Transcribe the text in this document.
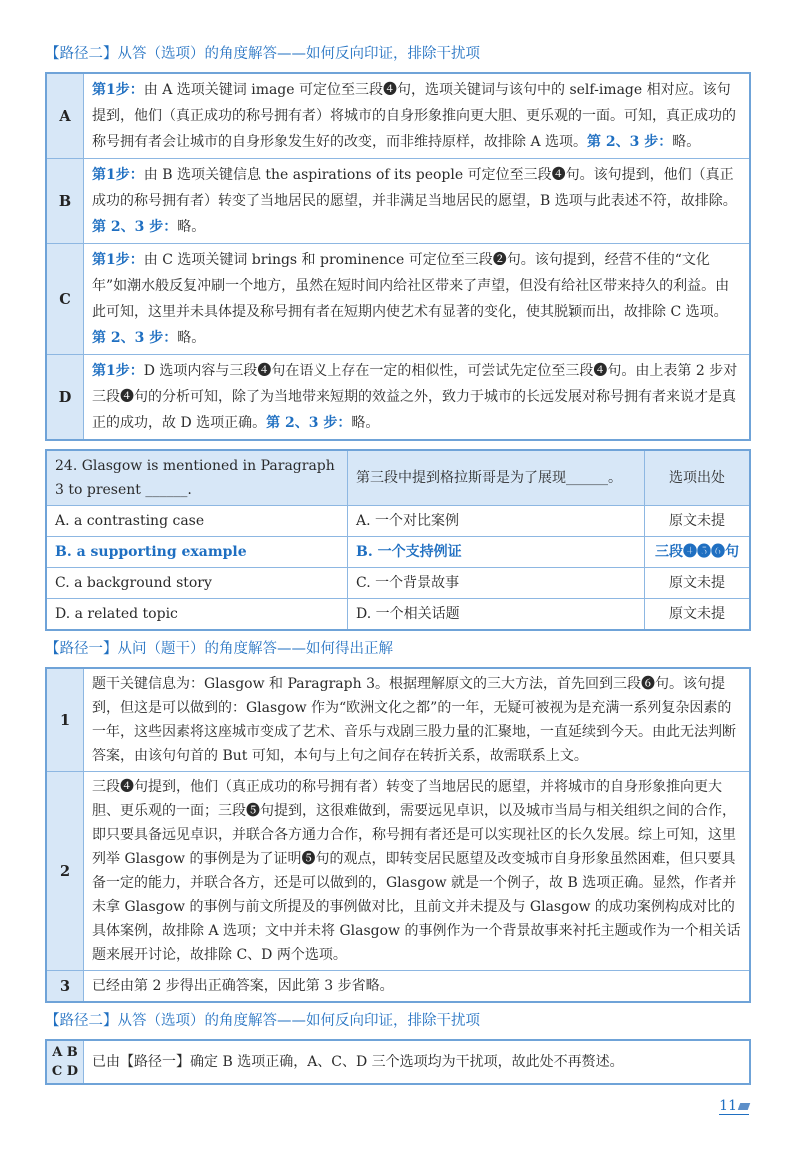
【路径二】从答（选项）的角度解答——如何反向印证，排除干扰项
A	第1步：由 A 选项关键词 image 可定位至三段❹句，选项关键词与该句中的 self-image 相对应。该句提到，他们（真正成功的称号拥有者）将城市的自身形象推向更大胆、更乐观的一面。可知，真正成功的称号拥有者会让城市的自身形象发生好的改变，而非维持原样，故排除 A 选项。第 2、3 步：略。
B	第1步：由 B 选项关键信息 the aspirations of its people 可定位至三段❹句。该句提到，他们（真正成功的称号拥有者）转变了当地居民的愿望，并非满足当地居民的愿望，B 选项与此表述不符，故排除。第 2、3 步：略。
C	第1步：由 C 选项关键词 brings 和 prominence 可定位至三段❷句。该句提到，经营不佳的“文化年”如潮水般反复冲刷一个地方，虽然在短时间内给社区带来了声望，但没有给社区带来持久的利益。由此可知，这里并未具体提及称号拥有者在短期内使艺术有显著的变化，使其脱颖而出，故排除 C 选项。第 2、3 步：略。
D	第1步：D 选项内容与三段❹句在语义上存在一定的相似性，可尝试先定位至三段❹句。由上表第 2 步对三段❹句的分析可知，除了为当地带来短期的效益之外，致力于城市的长远发展对称号拥有者来说才是真正的成功，故 D 选项正确。第 2、3 步：略。
24. Glasgow is mentioned in Paragraph 3 to present ______.	第三段中提到格拉斯哥是为了展现______。	选项出处
A. a contrasting case	A. 一个对比案例	原文未提
B. a supporting example	B. 一个支持例证	三段❹❺❻句
C. a background story	C. 一个背景故事	原文未提
D. a related topic	D. 一个相关话题	原文未提
【路径一】从问（题干）的角度解答——如何得出正解
1	题干关键信息为：Glasgow 和 Paragraph 3。根据理解原文的三大方法，首先回到三段❻句。该句提到，但这是可以做到的：Glasgow 作为“欧洲文化之都”的一年，无疑可被视为是充满一系列复杂因素的一年，这些因素将这座城市变成了艺术、音乐与戏剧三股力量的汇聚地，一直延续到今天。由此无法判断答案，由该句句首的 But 可知，本句与上句之间存在转折关系，故需联系上文。
2	三段❹句提到，他们（真正成功的称号拥有者）转变了当地居民的愿望，并将城市的自身形象推向更大胆、更乐观的一面；三段❺句提到，这很难做到，需要远见卓识，以及城市当局与相关组织之间的合作，即只要具备远见卓识，并联合各方通力合作，称号拥有者还是可以实现社区的长久发展。综上可知，这里列举 Glasgow 的事例是为了证明❺句的观点，即转变居民愿望及改变城市自身形象虽然困难，但只要具备一定的能力，并联合各方，还是可以做到的，Glasgow 就是一个例子，故 B 选项正确。显然，作者并未拿 Glasgow 的事例与前文所提及的事例做对比，且前文并未提及与 Glasgow 的成功案例构成对比的具体案例，故排除 A 选项；文中并未将 Glasgow 的事例作为一个背景故事来衬托主题或作为一个相关话题来展开讨论，故排除 C、D 两个选项。
3	已经由第 2 步得出正确答案，因此第 3 步省略。
【路径二】从答（选项）的角度解答——如何反向印证，排除干扰项
A B
C D	已由【路径一】确定 B 选项正确，A、C、D 三个选项均为干扰项，故此处不再赘述。
11
